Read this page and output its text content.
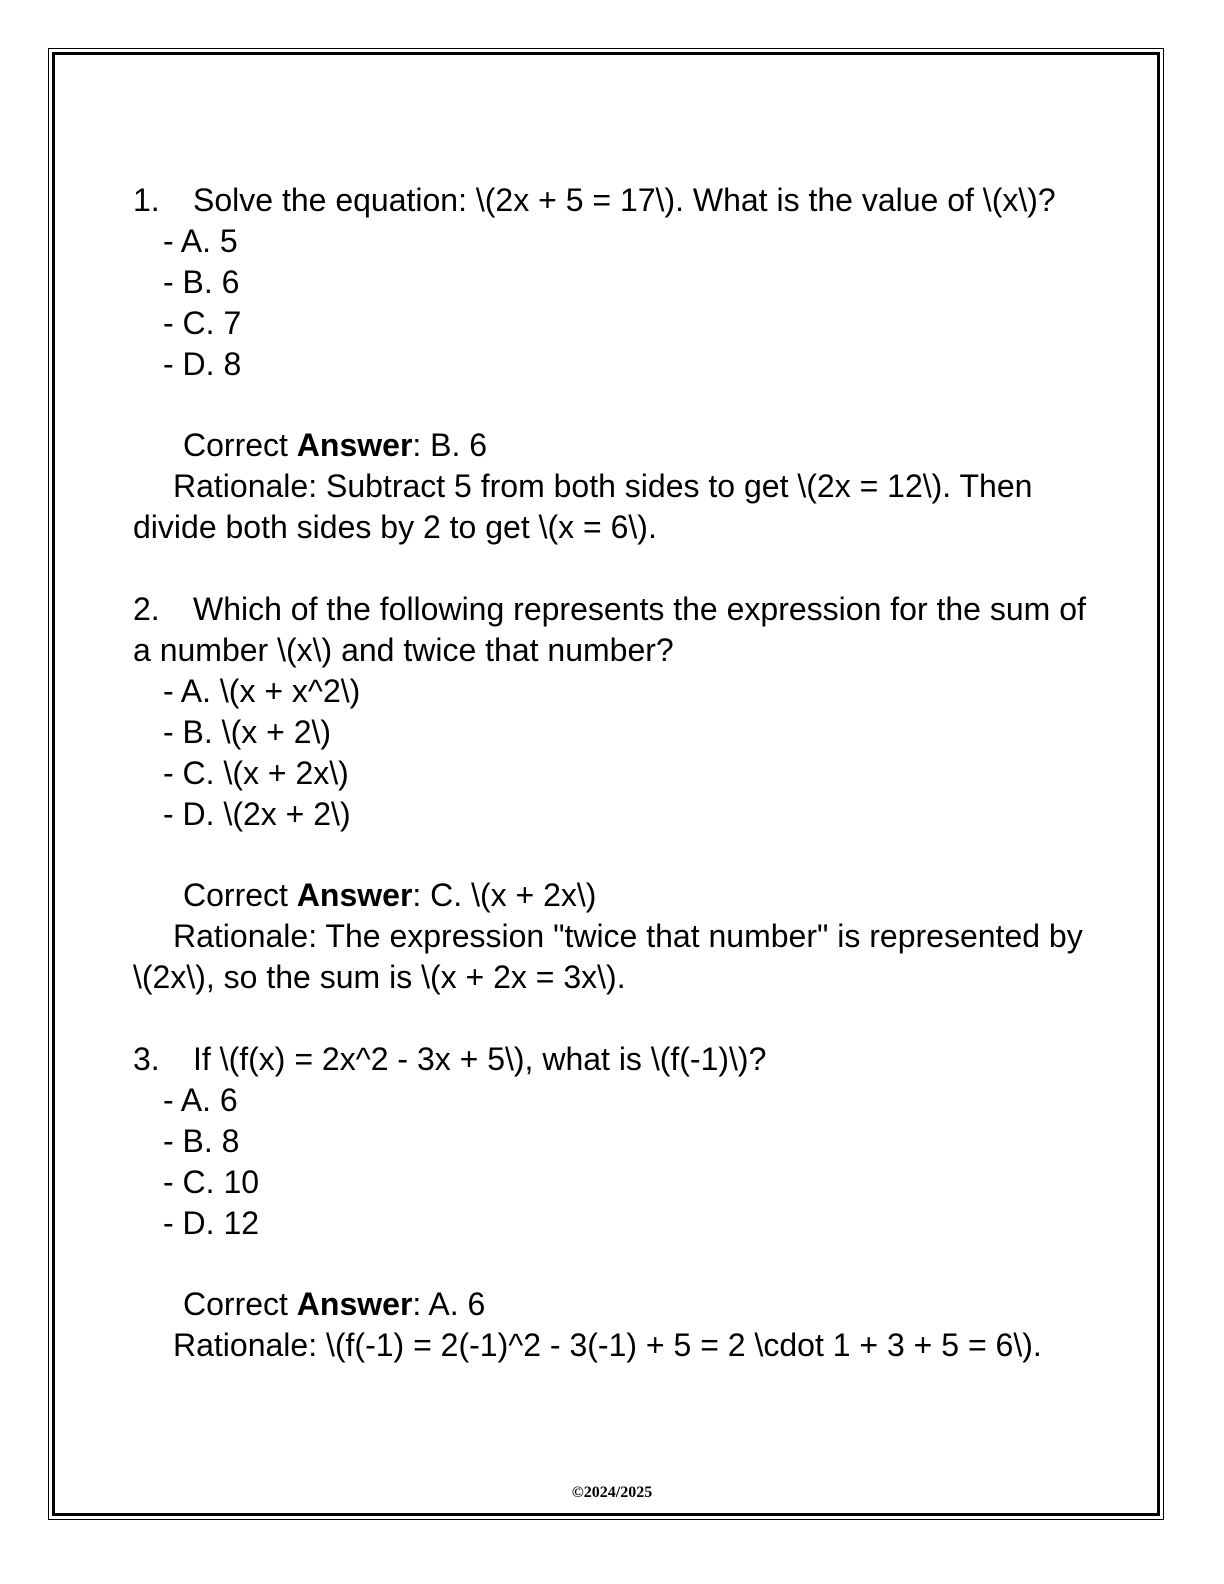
1. Solve the equation: \(2x + 5 = 17\). What is the value of \(x\)?
- A. 5
- B. 6
- C. 7
- D. 8
Correct Answer: B. 6
Rationale: Subtract 5 from both sides to get \(2x = 12\). Then divide both sides by 2 to get \(x = 6\).
2. Which of the following represents the expression for the sum of a number \(x\) and twice that number?
- A. \(x + x^2\)
- B. \(x + 2\)
- C. \(x + 2x\)
- D. \(2x + 2\)
Correct Answer: C. \(x + 2x\)
Rationale: The expression "twice that number" is represented by \(2x\), so the sum is \(x + 2x = 3x\).
3. If \(f(x) = 2x^2 - 3x + 5\), what is \(f(-1)\)?
- A. 6
- B. 8
- C. 10
- D. 12
Correct Answer: A. 6
Rationale: \(f(-1) = 2(-1)^2 - 3(-1) + 5 = 2 \cdot 1 + 3 + 5 = 6\).
©2024/2025
